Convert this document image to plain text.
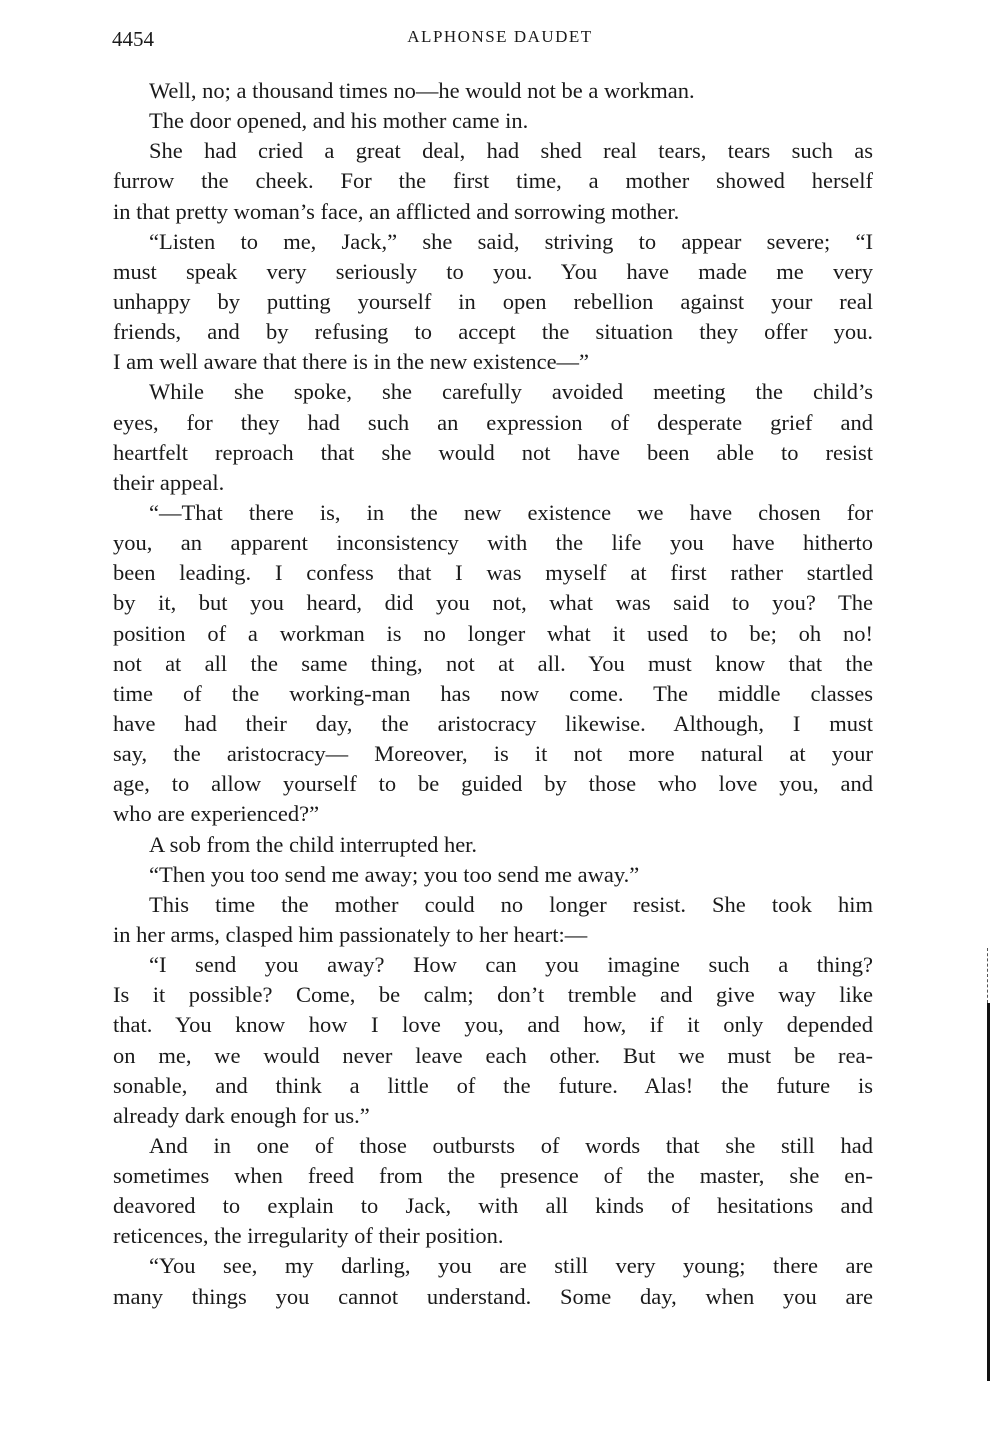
4454	ALPHONSE DAUDET
Well, no; a thousand times no—he would not be a workman.
The door opened, and his mother came in.
She had cried a great deal, had shed real tears, tears such as
furrow the cheek. For the first time, a mother showed herself
in that pretty woman’s face, an afflicted and sorrowing mother.
“Listen to me, Jack,” she said, striving to appear severe; “I
must speak very seriously to you. You have made me very
unhappy by putting yourself in open rebellion against your real
friends, and by refusing to accept the situation they offer you.
I am well aware that there is in the new existence—”
While she spoke, she carefully avoided meeting the child’s
eyes, for they had such an expression of desperate grief and
heartfelt reproach that she would not have been able to resist
their appeal.
“—That there is, in the new existence we have chosen for
you, an apparent inconsistency with the life you have hitherto
been leading. I confess that I was myself at first rather startled
by it, but you heard, did you not, what was said to you? The
position of a workman is no longer what it used to be; oh no!
not at all the same thing, not at all. You must know that the
time of the working-man has now come. The middle classes
have had their day, the aristocracy likewise. Although, I must
say, the aristocracy— Moreover, is it not more natural at your
age, to allow yourself to be guided by those who love you, and
who are experienced?”
A sob from the child interrupted her.
“Then you too send me away; you too send me away.”
This time the mother could no longer resist. She took him
in her arms, clasped him passionately to her heart:—
“I send you away? How can you imagine such a thing?
Is it possible? Come, be calm; don’t tremble and give way like
that. You know how I love you, and how, if it only depended
on me, we would never leave each other. But we must be rea-
sonable, and think a little of the future. Alas! the future is
already dark enough for us.”
And in one of those outbursts of words that she still had
sometimes when freed from the presence of the master, she en-
deavored to explain to Jack, with all kinds of hesitations and
reticences, the irregularity of their position.
“You see, my darling, you are still very young; there are
many things you cannot understand. Some day, when you are
